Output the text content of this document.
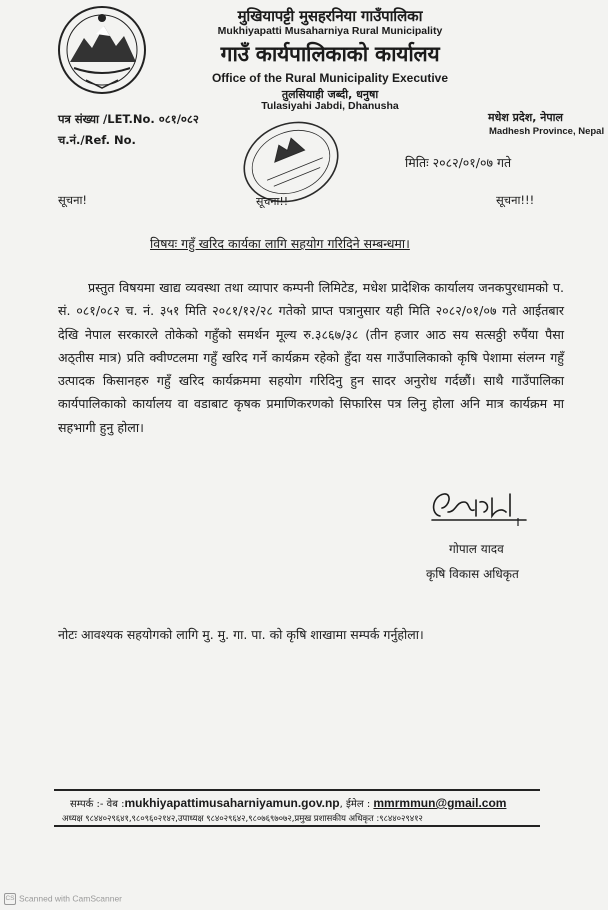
मुखियापट्टी मुसहरनिया गाउँपालिका
Mukhiyapatti Musaharniya Rural Municipality
गाउँ कार्यपालिकाको कार्यालय
Office of the Rural Municipality Executive
तुलसियाही जब्दी, धनुषा
Tulasiyahi Jabdi, Dhanusha
पत्र संख्या /LET.No. ०८१/०८२
च.नं./Ref. No.
मधेश प्रदेश, नेपाल
Madhesh Province, Nepal
मितिः २०८२/०१/०७ गते
सूचना!	सूचना!!	सूचना!!!
विषयः गहुँ खरिद कार्यका लागि सहयोग गरिदिने सम्बन्धमा।
प्रस्तुत विषयमा खाद्य व्यवस्था तथा व्यापार कम्पनी लिमिटेड, मधेश प्रादेशिक कार्यालय जनकपुरधामको प. सं. ०८१/०८२ च. नं. ३५१ मिति २०८१/१२/२८ गतेको प्राप्त पत्रानुसार यही मिति २०८२/०१/०७ गते आईतबार देखि नेपाल सरकारले तोकेको गहुँको समर्थन मूल्य रु.३८६७/३८ (तीन हजार आठ सय सत्सठ्ठी रुपैंया पैसा अठ्तीस मात्र) प्रति क्वीण्टलमा गहुँ खरिद गर्ने कार्यक्रम रहेको हुँदा यस गाउँपालिकाको कृषि पेशामा संलग्न गहुँ उत्पादक किसानहरु गहुँ खरिद कार्यक्रममा सहयोग गरिदिनु हुन सादर अनुरोध गर्दछौं। साथै गाउँपालिका कार्यपालिकाको कार्यालय वा वडाबाट कृषक प्रमाणिकरणको सिफारिस पत्र लिनु होला अनि मात्र कार्यक्रम मा सहभागी हुनु होला।
गोपाल यादव
कृषि विकास अधिकृत
नोटः आवश्यक सहयोगको लागि मु. मु. गा. पा. को कृषि शाखामा सम्पर्क गर्नुहोला।
सम्पर्क :- वेब :mukhiyapattimusaharniyamun.gov.np, ईमेल : mmrmmun@gmail.com
अध्यक्ष ९८४४०२९६४१,९८०९६०२१४२,उपाध्यक्ष ९८४०२९६४२,९८०७६९७०७२,प्रमुख प्रशासकीय अधिकृत :९८४४०२९४१२
CS Scanned with CamScanner
